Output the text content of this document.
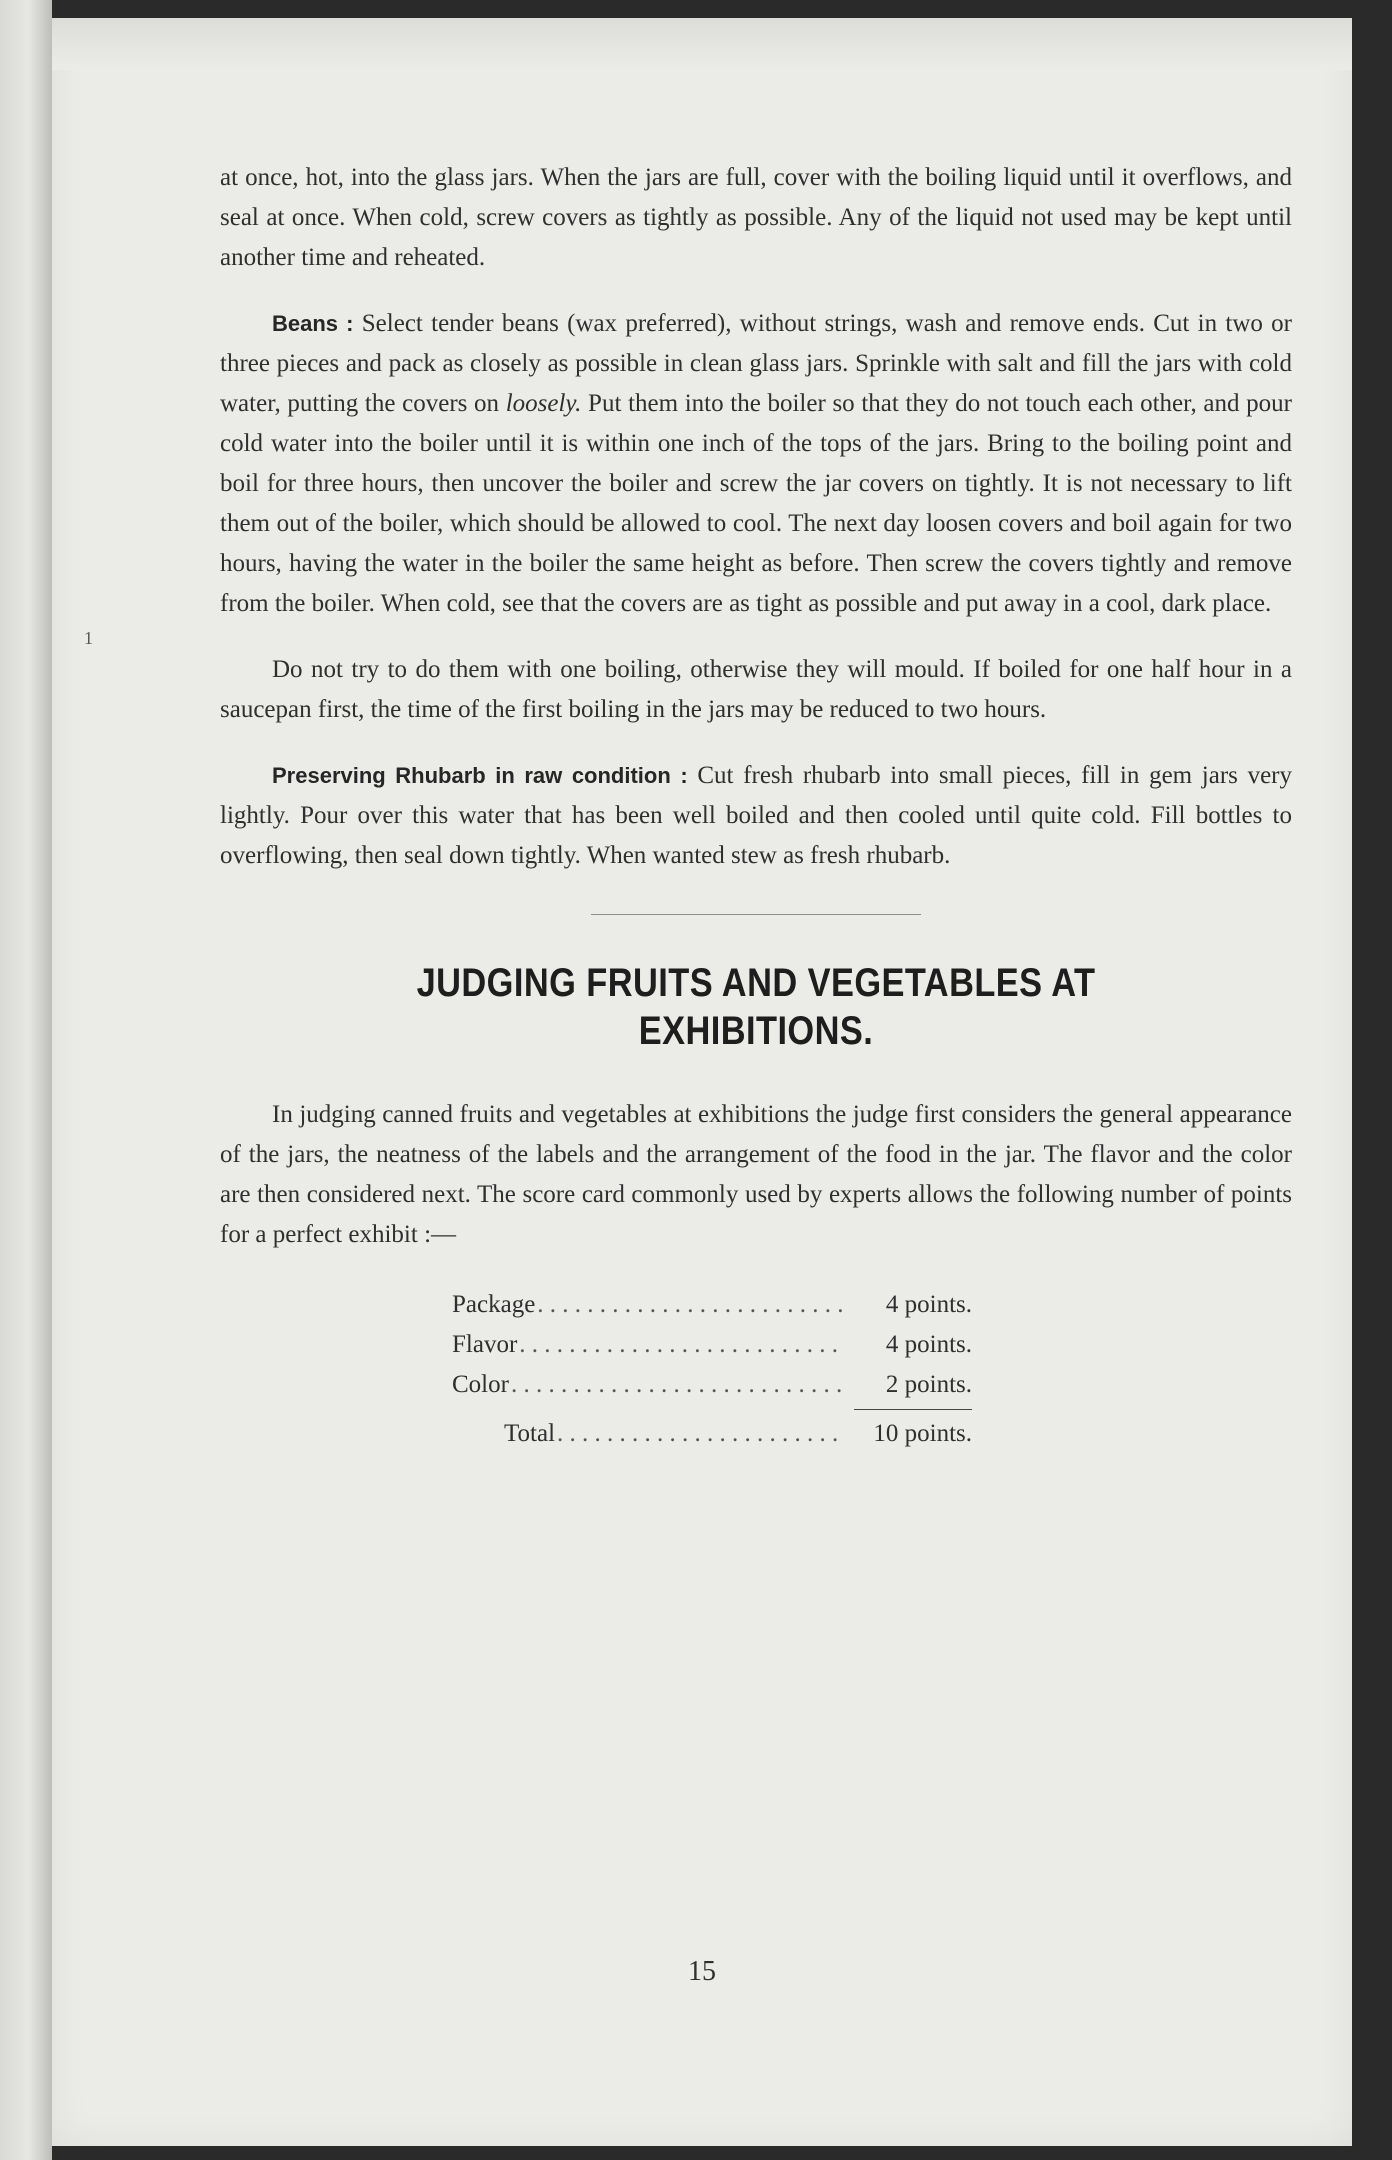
1

at once, hot, into the glass jars. When the jars are full, cover with the boiling liquid until it overflows, and seal at once. When cold, screw covers as tightly as possible. Any of the liquid not used may be kept until another time and reheated.

Beans : Select tender beans (wax preferred), without strings, wash and remove ends. Cut in two or three pieces and pack as closely as possible in clean glass jars. Sprinkle with salt and fill the jars with cold water, putting the covers on loosely. Put them into the boiler so that they do not touch each other, and pour cold water into the boiler until it is within one inch of the tops of the jars. Bring to the boiling point and boil for three hours, then uncover the boiler and screw the jar covers on tightly. It is not necessary to lift them out of the boiler, which should be allowed to cool. The next day loosen covers and boil again for two hours, having the water in the boiler the same height as before. Then screw the covers tightly and remove from the boiler. When cold, see that the covers are as tight as possible and put away in a cool, dark place.

Do not try to do them with one boiling, otherwise they will mould. If boiled for one half hour in a saucepan first, the time of the first boiling in the jars may be reduced to two hours.

Preserving Rhubarb in raw condition : Cut fresh rhubarb into small pieces, fill in gem jars very lightly. Pour over this water that has been well boiled and then cooled until quite cold. Fill bottles to overflowing, then seal down tightly. When wanted stew as fresh rhubarb.

JUDGING FRUITS AND VEGETABLES AT EXHIBITIONS.

In judging canned fruits and vegetables at exhibitions the judge first considers the general appearance of the jars, the neatness of the labels and the arrangement of the food in the jar. The flavor and the color are then considered next. The score card commonly used by experts allows the following number of points for a perfect exhibit :—

Package . . .	4 points.
Flavor . . .	4 points.
Color . . .	2 points.
Total . . .	10 points.
15
